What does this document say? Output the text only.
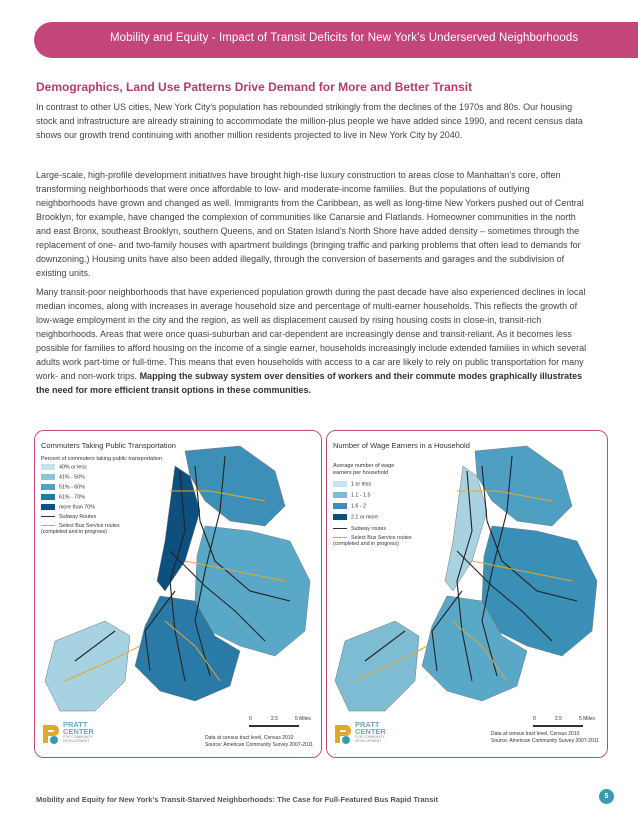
Mobility and Equity - Impact of Transit Deficits for New York’s Underserved Neighborhoods
Demographics, Land Use Patterns Drive Demand for More and Better Transit

In contrast to other US cities, New York City’s population has rebounded strikingly from the declines of the 1970s and 80s. Our housing stock and infrastructure are already straining to accommodate the million-plus people we have added since 1990, and recent census data shows our growth trend continuing with another million residents projected to live in New York City by 2040.

Large-scale, high-profile development initiatives have brought high-rise luxury construction to areas close to Manhattan’s core, often transforming neighborhoods that were once affordable to low- and moderate-income families. But the populations of outlying neighborhoods have grown and changed as well. Immigrants from the Caribbean, as well as long-time New Yorkers pushed out of Central Brooklyn, for example, have changed the complexion of communities like Canarsie and Flatlands. Homeowner communities in the north and east Bronx, southeast Brooklyn, southern Queens, and on Staten Island’s North Shore have added density – sometimes through the replacement of one- and two-family houses with apartment buildings (bringing traffic and parking problems that often lead to demands for downzoning.) Housing units have also been added illegally, through the conversion of basements and garages and the subdivision of existing units.

Many transit-poor neighborhoods that have experienced population growth during the past decade have also experienced declines in local median incomes, along with increases in average household size and percentage of multi-earner households. This reflects the growth of low-wage employment in the city and the region, as well as displacement caused by rising housing costs in close-in, transit-rich neighborhoods. Areas that were once quasi-suburban and car-dependent are increasingly dense and transit-reliant. As it becomes less possible for families to afford housing on the income of a single earner, households increasingly include extended families in which several adults work part-time or full-time. This means that even households with access to a car are likely to rely on public transportation for many work- and non-work trips. Mapping the subway system over densities of workers and their commute modes graphically illustrates the need for more efficient transit options in these communities.

Commuters Taking Public Transportation
Percent of commuters taking public transportation
40% or less
41% - 50%
51% - 60%
61% - 70%
more than 70%
Subway Routes
Select Bus Service routes (completed and in progress)
0	2.5	5 Miles
Data at census tract level, Census 2010
Source: American Community Survey 2007-2011
PRATT
CENTER
FOR COMMUNITY
DEVELOPMENT
Number of Wage Earners in a Household
Average number of wage earners per household
1 or less
1.1 - 1.5
1.6 - 2
2.1 or more
Subway routes
Select Bus Service routes (completed and in progress)
0	2.5	5 Miles
Data at census tract level, Census 2010
Source: American Community Survey 2007-2011
PRATT
CENTER
FOR COMMUNITY
DEVELOPMENT
Mobility and Equity for New York’s Transit-Starved Neighborhoods: The Case for Full-Featured Bus Rapid Transit	5
